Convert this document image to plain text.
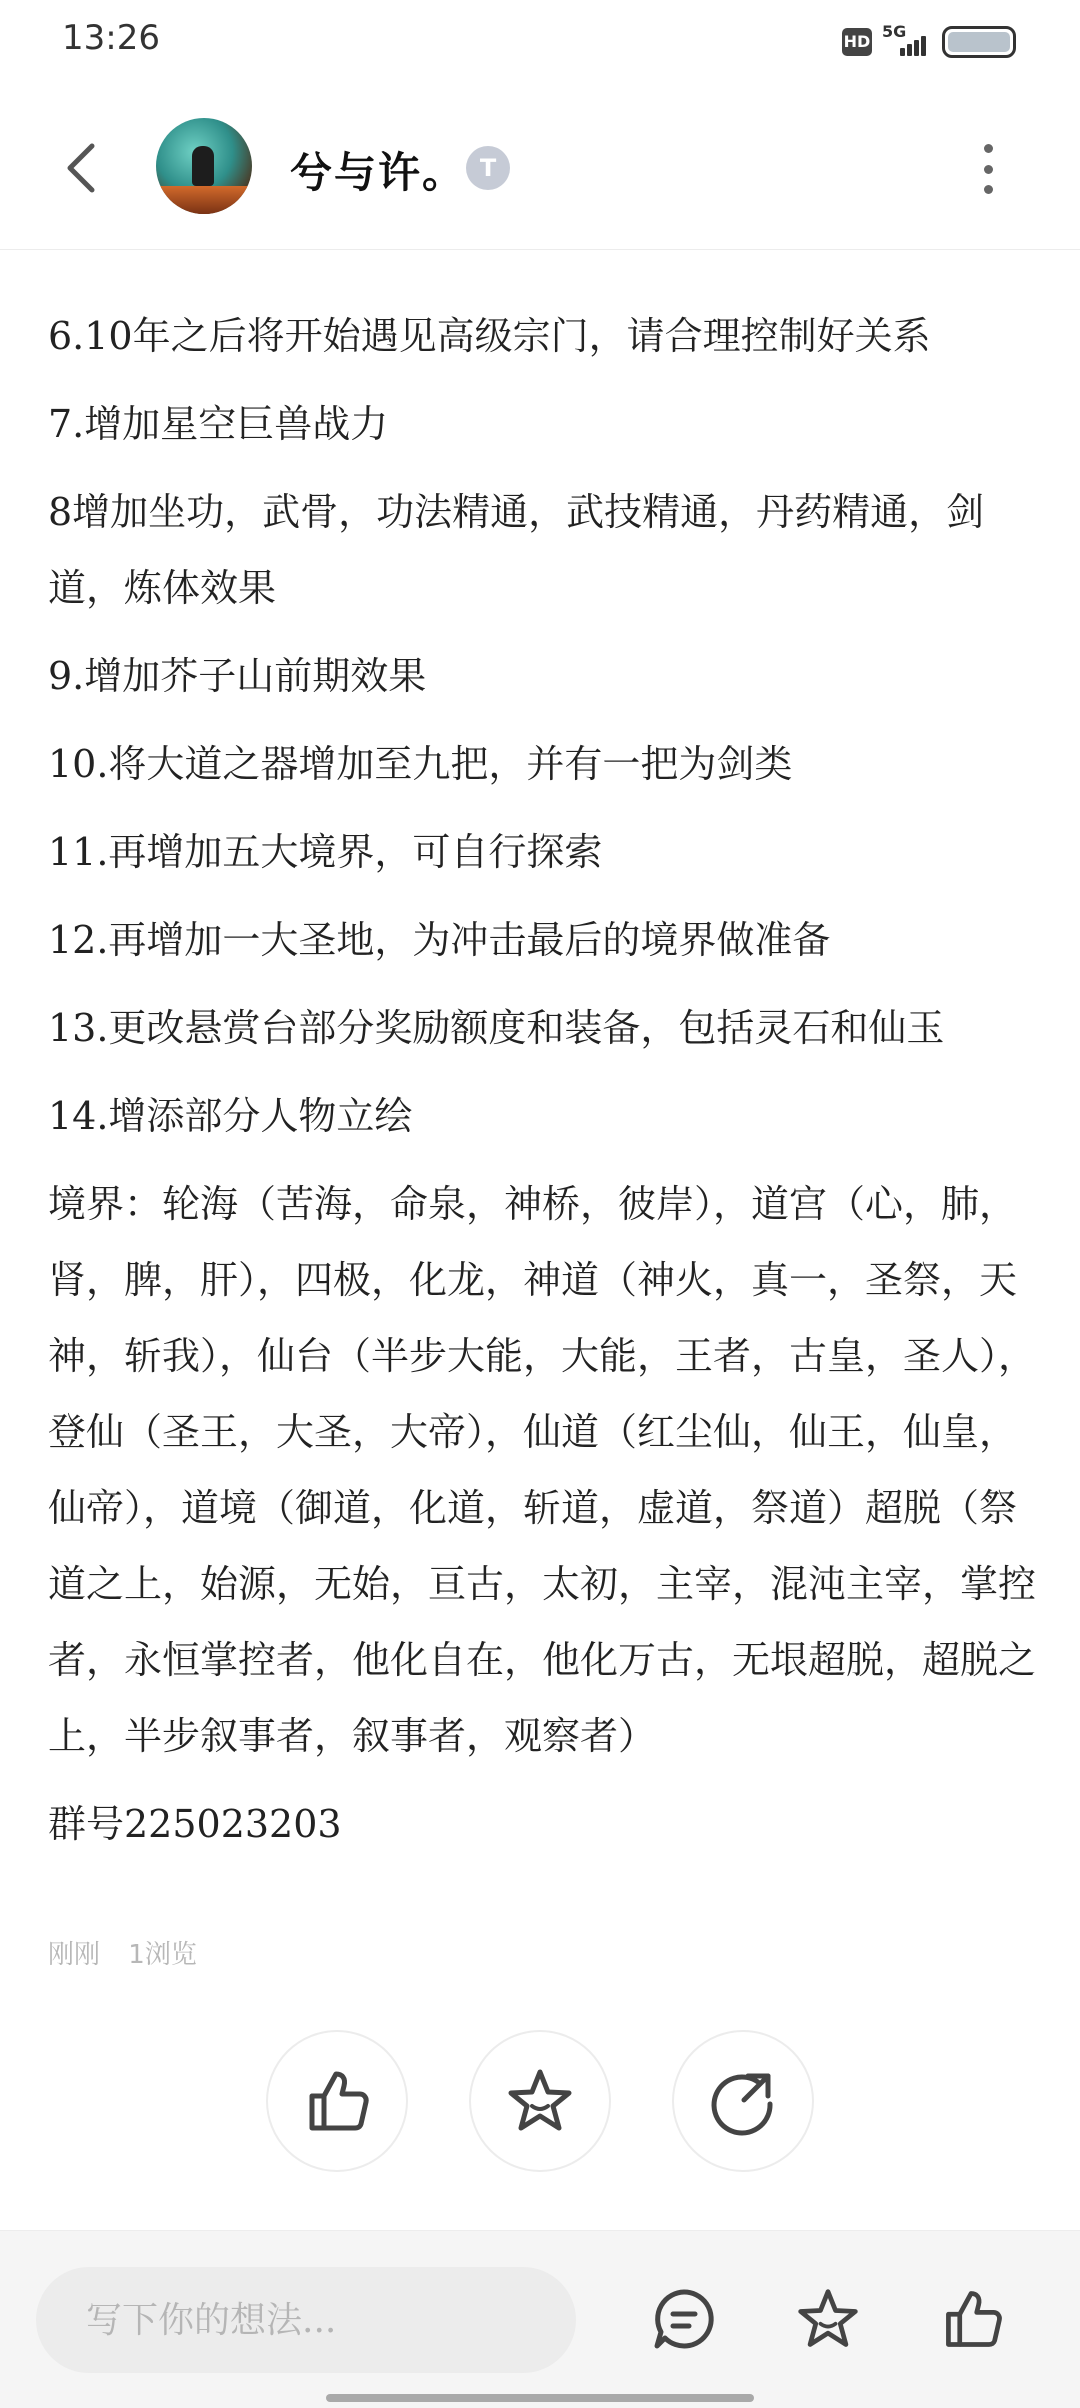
13:26	HD
5G
兮与许。 T
6.10年之后将开始遇见高级宗门，请合理控制好关系
7.增加星空巨兽战力
8增加坐功，武骨，功法精通，武技精通，丹药精通，剑道，炼体效果
9.增加芥子山前期效果
10.将大道之器增加至九把，并有一把为剑类
11.再增加五大境界，可自行探索
12.再增加一大圣地，为冲击最后的境界做准备
13.更改悬赏台部分奖励额度和装备，包括灵石和仙玉
14.增添部分人物立绘
境界：轮海（苦海，命泉，神桥，彼岸），道宫（心，肺，肾，脾，肝），四极，化龙，神道（神火，真一，圣祭，天神，斩我），仙台（半步大能，大能，王者，古皇，圣人），登仙（圣王，大圣，大帝），仙道（红尘仙，仙王，仙皇，仙帝），道境（御道，化道，斩道，虚道，祭道）超脱（祭道之上，始源，无始，亘古，太初，主宰，混沌主宰，掌控者，永恒掌控者，他化自在，他化万古，无垠超脱，超脱之上，半步叙事者，叙事者，观察者）
群号225023203
刚刚 1浏览
写下你的想法...
